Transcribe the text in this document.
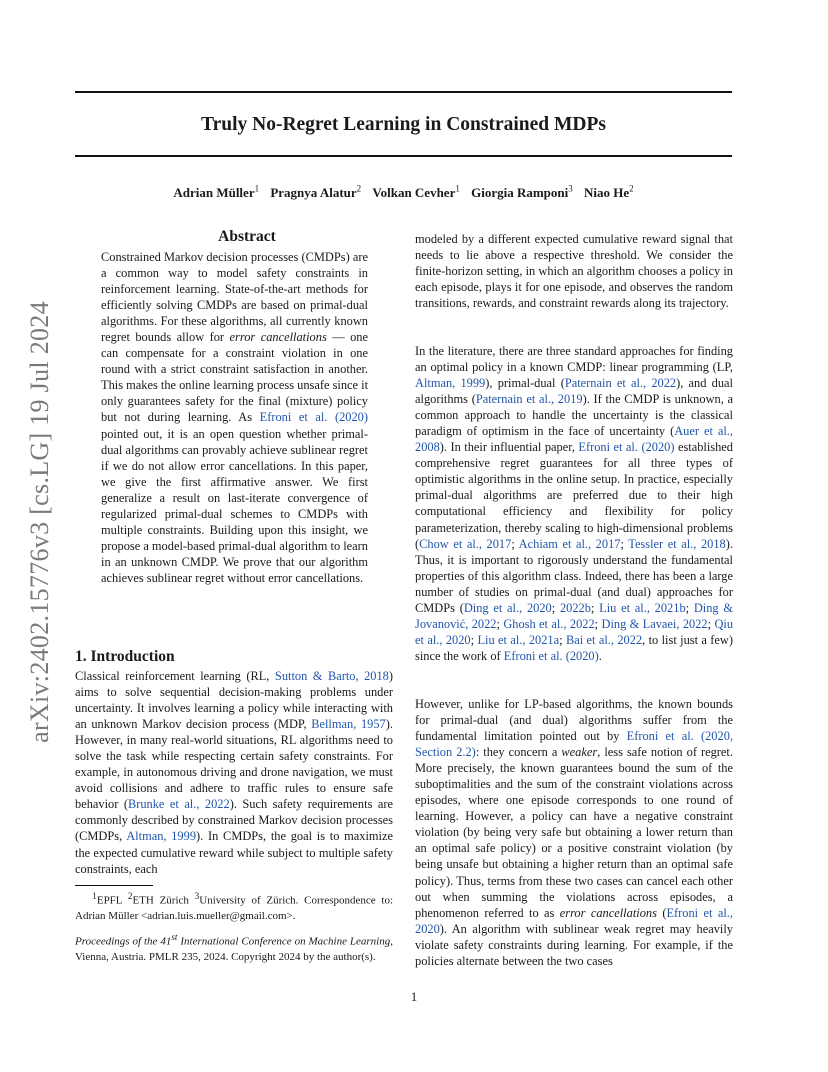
arXiv:2402.15776v3 [cs.LG] 19 Jul 2024
Truly No-Regret Learning in Constrained MDPs
Adrian Müller$^1$ Pragnya Alatur$^2$ Volkan Cevher$^1$ Giorgia Ramponi$^3$ Niao He$^2$
Abstract
Constrained Markov decision processes (CMDPs) are a common way to model safety constraints in reinforcement learning. State-of-the-art methods for efficiently solving CMDPs are based on primal-dual algorithms. For these algorithms, all currently known regret bounds allow for error cancellations — one can compensate for a constraint violation in one round with a strict constraint satisfaction in another. This makes the online learning process unsafe since it only guarantees safety for the final (mixture) policy but not during learning. As Efroni et al. (2020) pointed out, it is an open question whether primal-dual algorithms can provably achieve sublinear regret if we do not allow error cancellations. In this paper, we give the first affirmative answer. We first generalize a result on last-iterate convergence of regularized primal-dual schemes to CMDPs with multiple constraints. Building upon this insight, we propose a model-based primal-dual algorithm to learn in an unknown CMDP. We prove that our algorithm achieves sublinear regret without error cancellations.
1. Introduction
Classical reinforcement learning (RL, Sutton & Barto, 2018) aims to solve sequential decision-making problems under uncertainty. It involves learning a policy while interacting with an unknown Markov decision process (MDP, Bellman, 1957). However, in many real-world situations, RL algorithms need to solve the task while respecting certain safety constraints. For example, in autonomous driving and drone navigation, we must avoid collisions and adhere to traffic rules to ensure safe behavior (Brunke et al., 2022). Such safety requirements are commonly described by constrained Markov decision processes (CMDPs, Altman, 1999). In CMDPs, the goal is to maximize the expected cumulative reward while subject to multiple safety constraints, each
$^1$EPFL $^2$ETH Zürich $^3$University of Zürich. Correspondence to: Adrian Müller <adrian.luis.mueller@gmail.com>.
Proceedings of the 41st International Conference on Machine Learning, Vienna, Austria. PMLR 235, 2024. Copyright 2024 by the author(s).
modeled by a different expected cumulative reward signal that needs to lie above a respective threshold. We consider the finite-horizon setting, in which an algorithm chooses a policy in each episode, plays it for one episode, and observes the random transitions, rewards, and constraint rewards along its trajectory.
In the literature, there are three standard approaches for finding an optimal policy in a known CMDP: linear programming (LP, Altman, 1999), primal-dual (Paternain et al., 2022), and dual algorithms (Paternain et al., 2019). If the CMDP is unknown, a common approach to handle the uncertainty is the classical paradigm of optimism in the face of uncertainty (Auer et al., 2008). In their influential paper, Efroni et al. (2020) established comprehensive regret guarantees for all three types of optimistic algorithms in the online setup. In practice, especially primal-dual algorithms are preferred due to their high computational efficiency and flexibility for policy parameterization, thereby scaling to high-dimensional problems (Chow et al., 2017; Achiam et al., 2017; Tessler et al., 2018). Thus, it is important to rigorously understand the fundamental properties of this algorithm class. Indeed, there has been a large number of studies on primal-dual (and dual) approaches for CMDPs (Ding et al., 2020; 2022b; Liu et al., 2021b; Ding & Jovanović, 2022; Ghosh et al., 2022; Ding & Lavaei, 2022; Qiu et al., 2020; Liu et al., 2021a; Bai et al., 2022, to list just a few) since the work of Efroni et al. (2020).
However, unlike for LP-based algorithms, the known bounds for primal-dual (and dual) algorithms suffer from the fundamental limitation pointed out by Efroni et al. (2020, Section 2.2): they concern a weaker, less safe notion of regret. More precisely, the known guarantees bound the sum of the suboptimalities and the sum of the constraint violations across episodes, where one episode corresponds to one round of learning. However, a policy can have a negative constraint violation (by being very safe but obtaining a lower return than an optimal safe policy) or a positive constraint violation (by being unsafe but obtaining a higher return than an optimal safe policy). Thus, terms from these two cases can cancel each other out when summing the violations across episodes, a phenomenon referred to as error cancellations (Efroni et al., 2020). An algorithm with sublinear weak regret may heavily violate safety constraints during learning. For example, if the policies alternate between the two cases
1
